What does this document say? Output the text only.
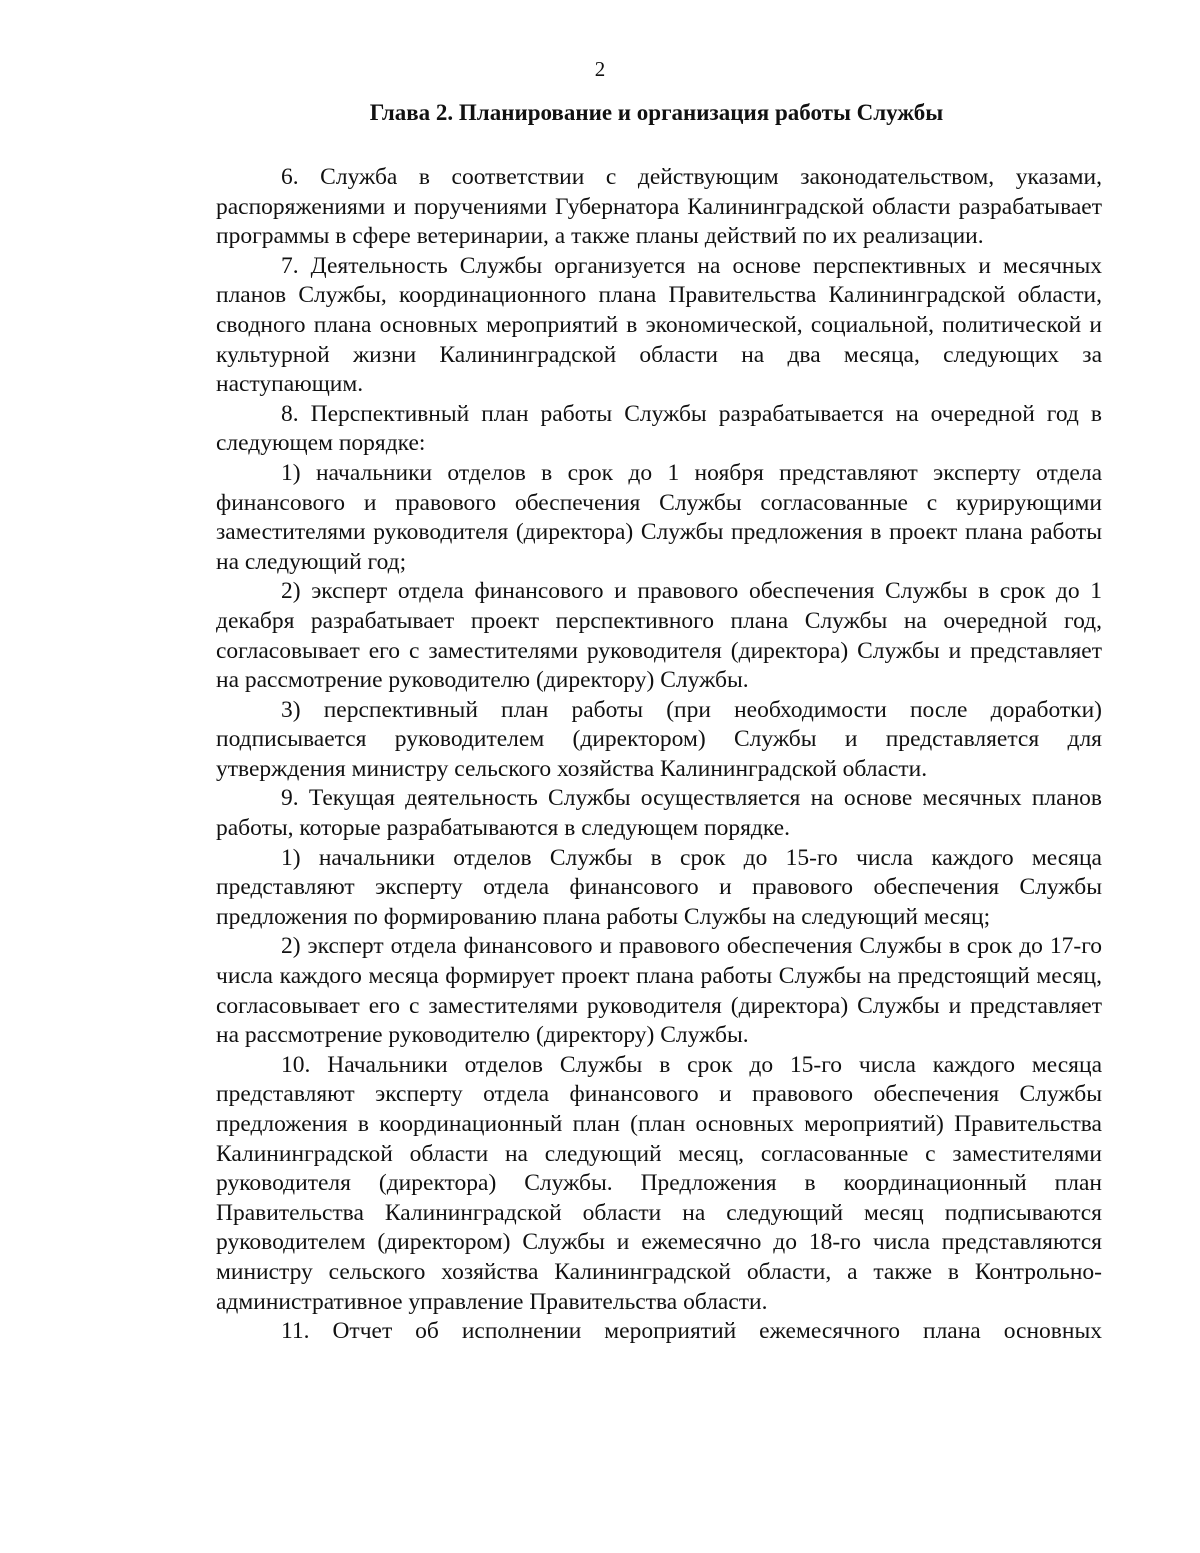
2
Глава 2. Планирование и организация работы Службы

6. Служба в соответствии с действующим законодательством, указами, распоряжениями и поручениями Губернатора Калининградской области разрабатывает программы в сфере ветеринарии, а также планы действий по их реализации.

7. Деятельность Службы организуется на основе перспективных и месячных планов Службы, координационного плана Правительства Калининградской области, сводного плана основных мероприятий в экономической, социальной, политической и культурной жизни Калининградской области на два месяца, следующих за наступающим.

8. Перспективный план работы Службы разрабатывается на очередной год в следующем порядке:

1) начальники отделов в срок до 1 ноября представляют эксперту отдела финансового и правового обеспечения Службы согласованные с курирующими заместителями руководителя (директора) Службы предложения в проект плана работы на следующий год;

2) эксперт отдела финансового и правового обеспечения Службы в срок до 1 декабря разрабатывает проект перспективного плана Службы на очередной год, согласовывает его с заместителями руководителя (директора) Службы и представляет на рассмотрение руководителю (директору) Службы.

3) перспективный план работы (при необходимости после доработки) подписывается руководителем (директором) Службы и представляется для утверждения министру сельского хозяйства Калининградской области.

9. Текущая деятельность Службы осуществляется на основе месячных планов работы, которые разрабатываются в следующем порядке.

1) начальники отделов Службы в срок до 15-го числа каждого месяца представляют эксперту отдела финансового и правового обеспечения Службы предложения по формированию плана работы Службы на следующий месяц;

2) эксперт отдела финансового и правового обеспечения Службы в срок до 17-го числа каждого месяца формирует проект плана работы Службы на предстоящий месяц, согласовывает его с заместителями руководителя (директора) Службы и представляет на рассмотрение руководителю (директору) Службы.

10. Начальники отделов Службы в срок до 15-го числа каждого месяца представляют эксперту отдела финансового и правового обеспечения Службы предложения в координационный план (план основных мероприятий) Правительства Калининградской области на следующий месяц, согласованные с заместителями руководителя (директора) Службы. Предложения в координационный план Правительства Калининградской области на следующий месяц подписываются руководителем (директором) Службы и ежемесячно до 18-го числа представляются министру сельского хозяйства Калининградской области, а также в Контрольно-административное управление Правительства области.

11. Отчет об исполнении мероприятий ежемесячного плана основных
